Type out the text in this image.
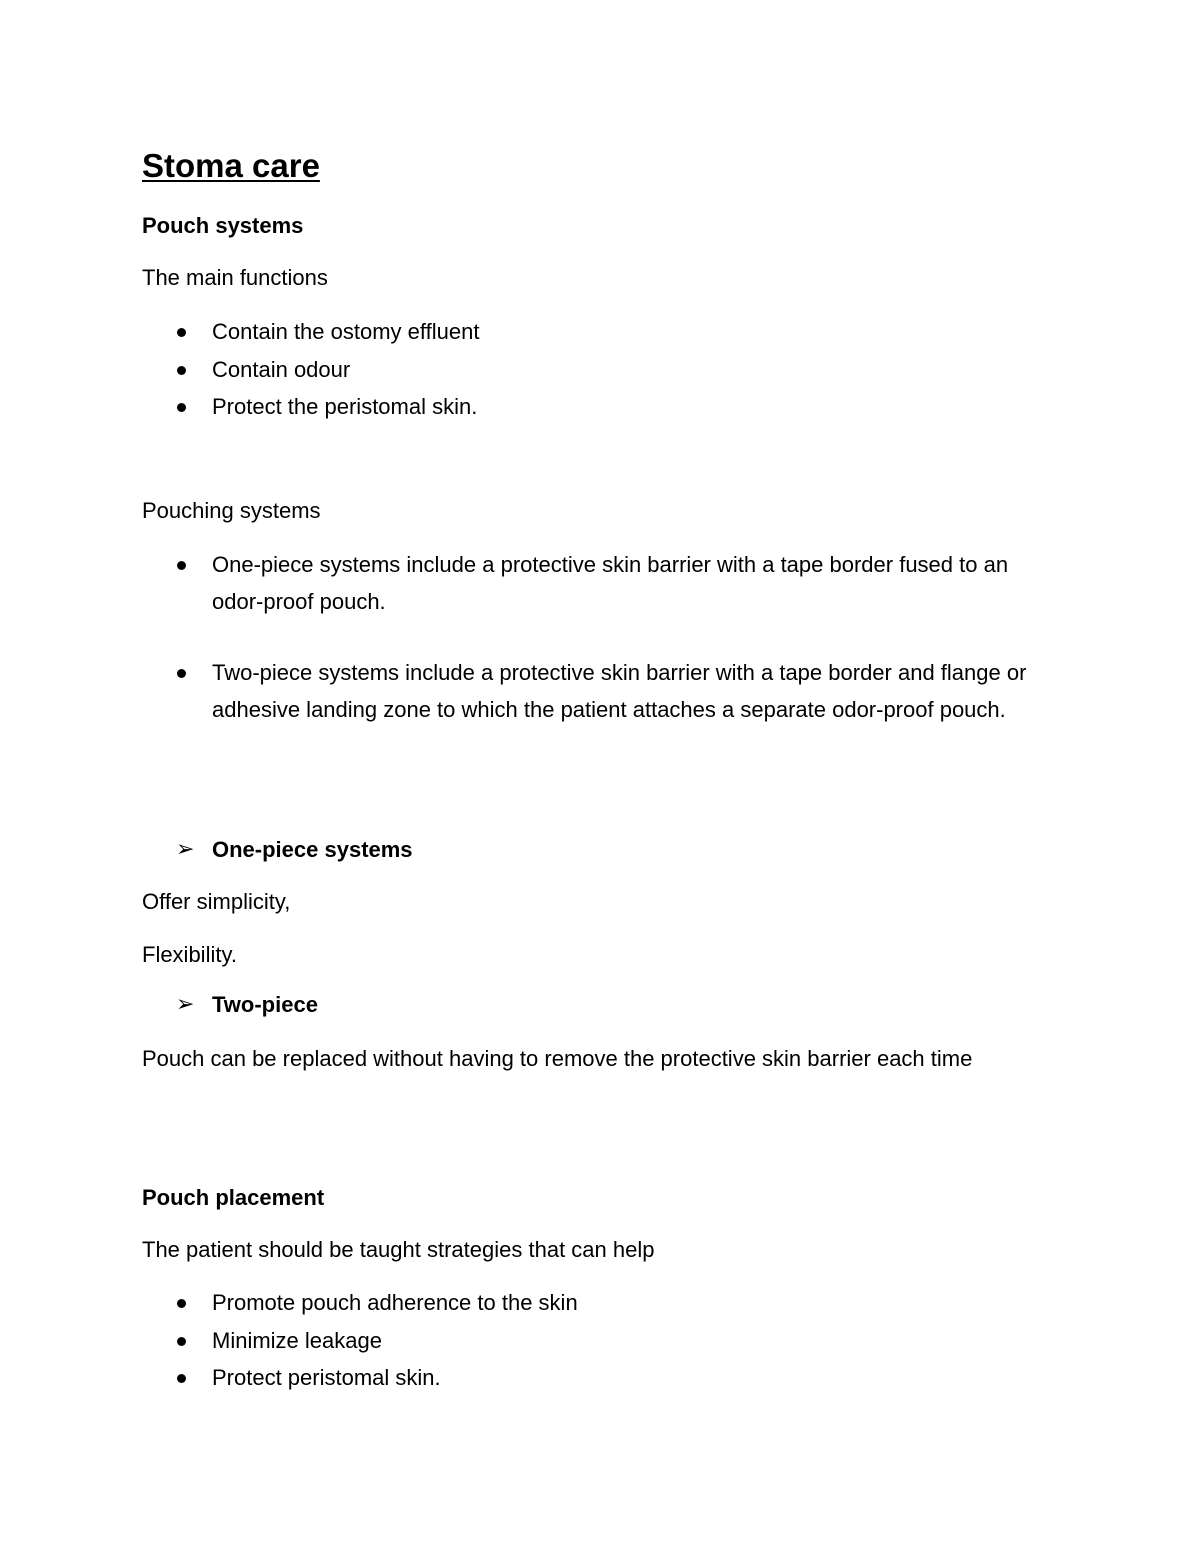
Stoma care

Pouch systems

The main functions

Contain the ostomy effluent
Contain odour
Protect the peristomal skin.

Pouching systems

One-piece systems include a protective skin barrier with a tape border fused to an odor-proof pouch.
Two-piece systems include a protective skin barrier with a tape border and flange or adhesive landing zone to which the patient attaches a separate odor-proof pouch.

➢ One-piece systems

Offer simplicity,

Flexibility.

➢ Two-piece

Pouch can be replaced without having to remove the protective skin barrier each time

Pouch placement

The patient should be taught strategies that can help

Promote pouch adherence to the skin
Minimize leakage
Protect peristomal skin.
